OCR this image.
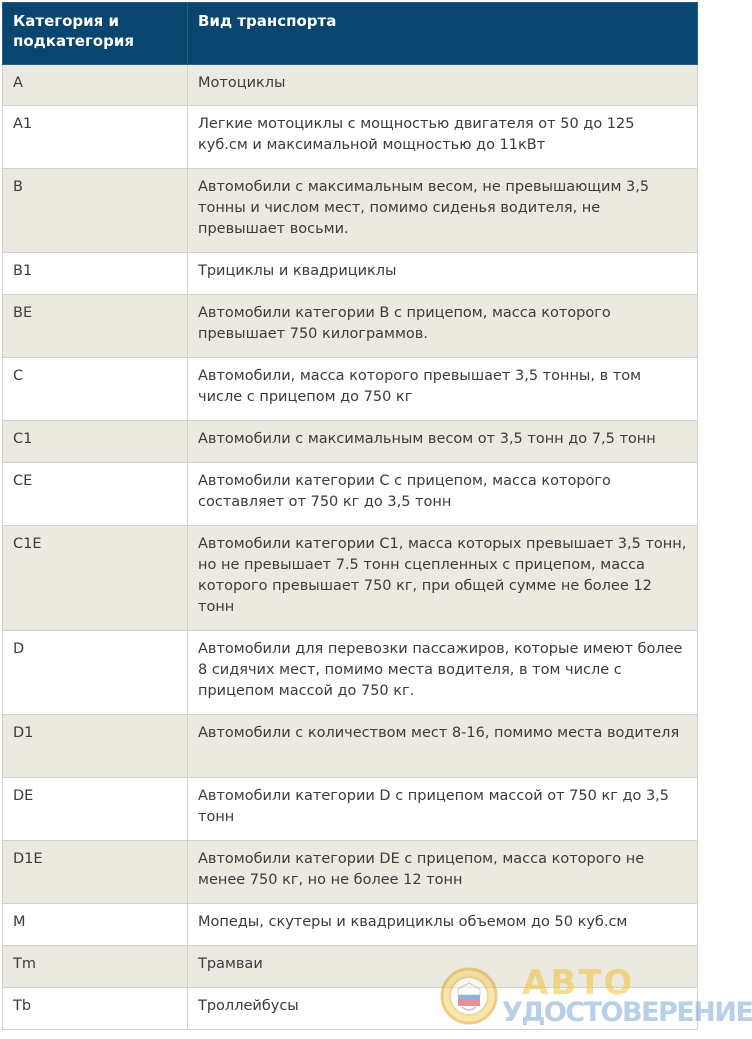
Категория и подкатегория	Вид транспорта
A	Мотоциклы
A1	Легкие мотоциклы с мощностью двигателя от 50 до 125 куб.см и максимальной мощностью до 11кВт
B	Автомобили с максимальным весом, не превышающим 3,5 тонны и числом мест, помимо сиденья водителя, не превышает восьми.
B1	Трициклы и квадрициклы
BE	Автомобили категории B с прицепом, масса которого превышает 750 килограммов.
C	Автомобили, масса которого превышает 3,5 тонны, в том числе с прицепом до 750 кг
C1	Автомобили с максимальным весом от 3,5 тонн до 7,5 тонн
CE	Автомобили категории C с прицепом, масса которого составляет от 750 кг до 3,5 тонн
C1E	Автомобили категории C1, масса которых превышает 3,5 тонн, но не превышает 7.5 тонн сцепленных с прицепом, масса которого превышает 750 кг, при общей сумме не более 12 тонн
D	Автомобили для перевозки пассажиров, которые имеют более 8 сидячих мест, помимо места водителя, в том числе с прицепом массой до 750 кг.
D1	Автомобили с количеством мест 8-16, помимо места водителя
DE	Автомобили категории D с прицепом массой от 750 кг до 3,5 тонн
D1E	Автомобили категории DE с прицепом, масса которого не менее 750 кг, но не более 12 тонн
M	Мопеды, скутеры и квадрициклы объемом до 50 куб.см
Tm	Трамваи
Tb	Троллейбусы
АВТО
УДОСТОВЕРЕНИЕ
